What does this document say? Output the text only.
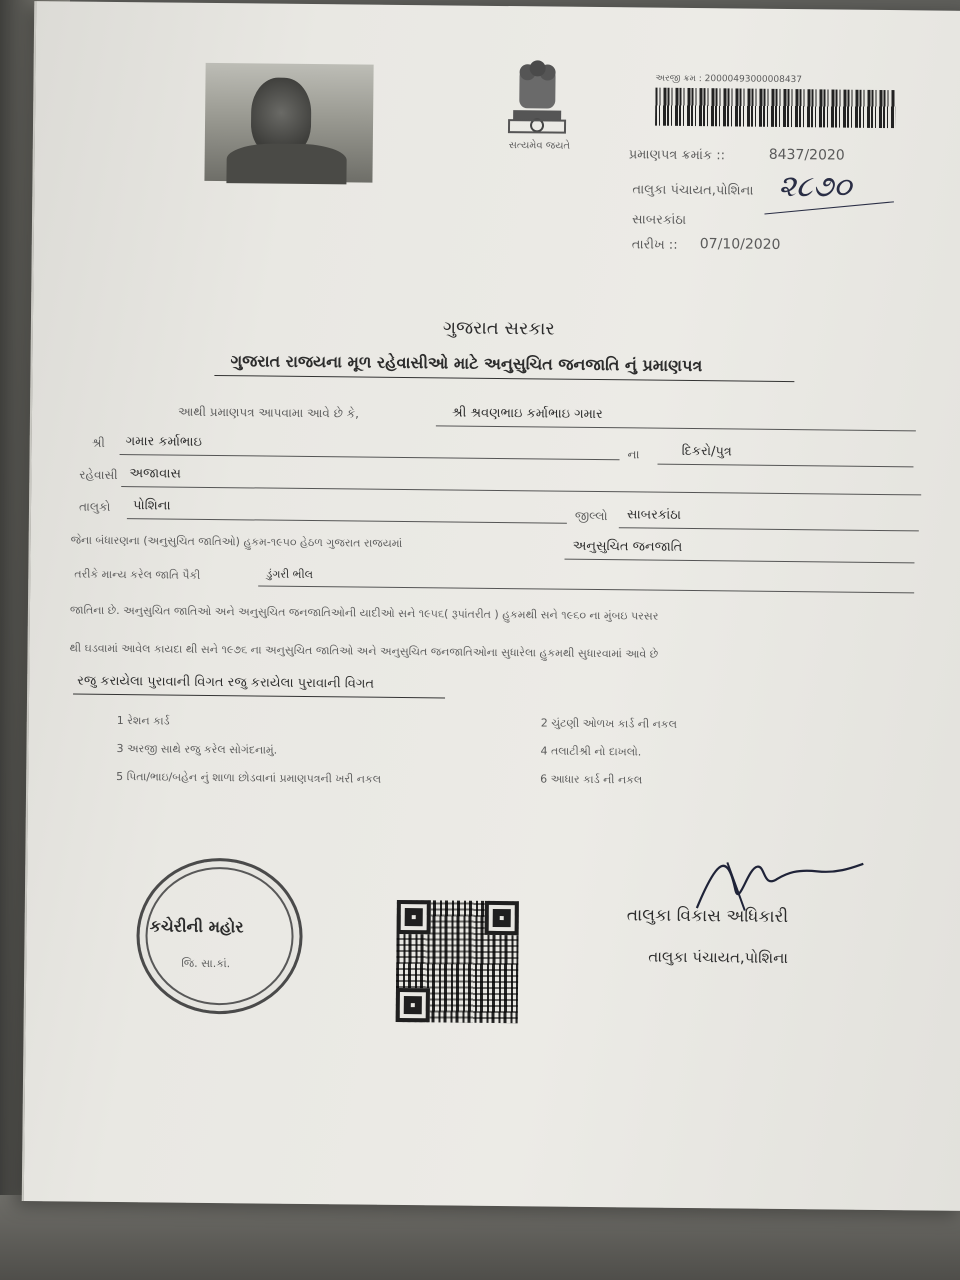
સત્યમેવ જયતે
અરજી ક્રમ : 20000493000008437
પ્રમાણપત્ર ક્રમાંક ::	8437/2020
તાલુકા પંચાયત,પોશિના ૨૮૭૦
સાબરકાંઠા
તારીખ :: 07/10/2020
ગુજરાત સરકાર
ગુજરાત રાજયના મૂળ રહેવાસીઓ માટે અનુસુચિત જનજાતિ નું પ્રમાણપત્ર
આથી પ્રમાણપત્ર આપવામા આવે છે કે,	શ્રી શ્રવણભાઇ કર્માભાઇ ગમાર
શ્રી ગમાર કર્માભાઇ
ના	દિકરો/પુત્ર
રહેવાસી અજાવાસ
તાલુકો પોશિના
જીલ્લો સાબરકાંઠા
જેના બંધારણના (અનુસુચિત જાતિઓ) હુકમ-૧૯૫૦ હેઠળ ગુજરાત રાજયમાં	અનુસુચિત જનજાતિ
તરીકે માન્ય કરેલ જાતિ પૈકી	ડુંગરી ભીલ
જાતિના છે. અનુસુચિત જાતિઓ અને અનુસુચિત જનજાતિઓની યાદીઓ સને ૧૯૫૬( રૂપાંતરીત ) હુકમથી સને ૧૯૬૦ ના મુંબઇ પરસર
થી ઘડવામાં આવેલ કાયદા થી સને ૧૯૭૬ ના અનુસુચિત જાતિઓ અને અનુસુચિત જનજાતિઓના સુધારેલા હુકમથી સુધારવામાં આવે છે
રજુ કરાયેલા પુરાવાની વિગત રજુ કરાયેલા પુરાવાની વિગત
1 રેશન કાર્ડ	2 ચુંટણી ઓળખ કાર્ડ ની નકલ
3 અરજી સાથે રજુ કરેલ સોગંદનામું.	4 તલાટીશ્રી નો દાખલો.
5 પિતા/ભાઇ/બહેન નું શાળા છોડવાનાં પ્રમાણપત્રની ખરી નકલ	6 આધાર કાર્ડ ની નકલ
કચેરીની મહોર
જિ. સા.કાં.
તાલુકા વિકાસ અધિકારી
તાલુકા પંચાયત,પોશિના
